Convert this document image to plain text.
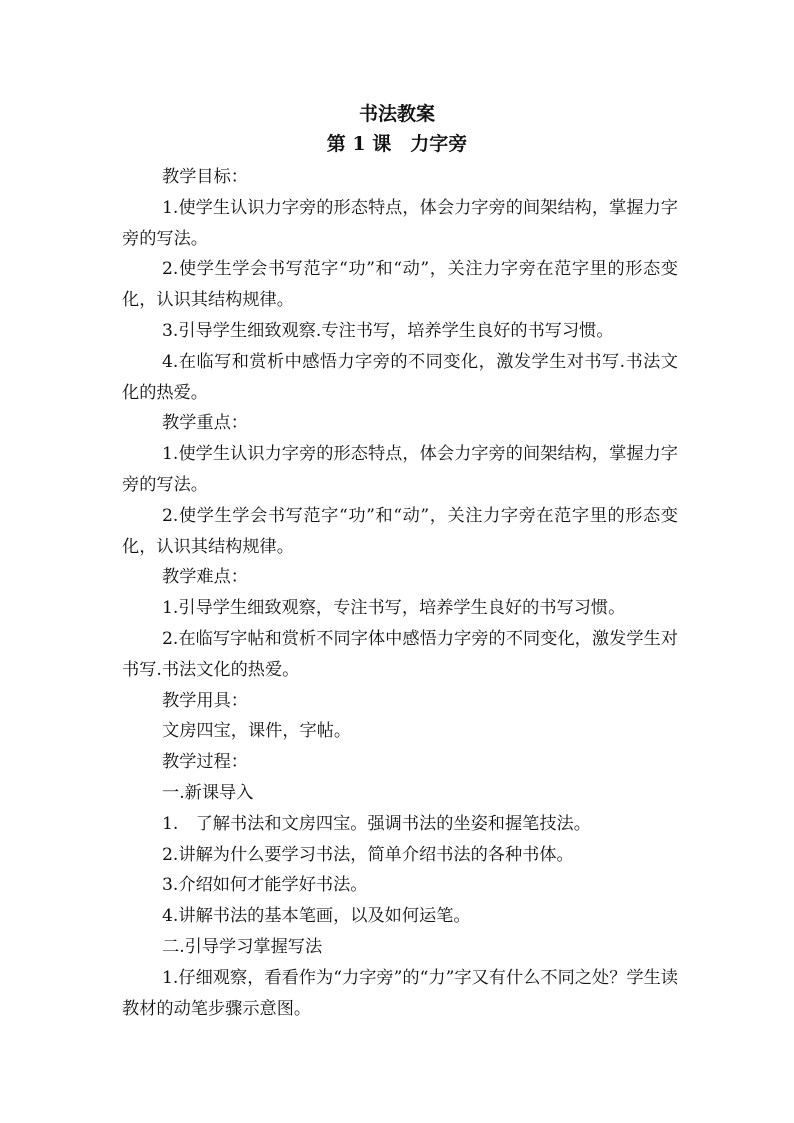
书法教案
第 1 课　力字旁

教学目标：

1.使学生认识力字旁的形态特点，体会力字旁的间架结构，掌握力字旁的写法。

2.使学生学会书写范字“功”和“动”，关注力字旁在范字里的形态变化，认识其结构规律。

3.引导学生细致观察.专注书写，培养学生良好的书写习惯。

4.在临写和赏析中感悟力字旁的不同变化，激发学生对书写.书法文化的热爱。

教学重点：

1.使学生认识力字旁的形态特点，体会力字旁的间架结构，掌握力字旁的写法。

2.使学生学会书写范字“功”和“动”，关注力字旁在范字里的形态变化，认识其结构规律。

教学难点：

1.引导学生细致观察，专注书写，培养学生良好的书写习惯。

2.在临写字帖和赏析不同字体中感悟力字旁的不同变化，激发学生对书写.书法文化的热爱。

教学用具：

文房四宝，课件，字帖。

教学过程：

一.新课导入

1.　了解书法和文房四宝。强调书法的坐姿和握笔技法。

2.讲解为什么要学习书法，简单介绍书法的各种书体。

3.介绍如何才能学好书法。

4.讲解书法的基本笔画，以及如何运笔。

二.引导学习掌握写法

1.仔细观察，看看作为“力字旁”的“力”字又有什么不同之处？学生读教材的动笔步骤示意图。
